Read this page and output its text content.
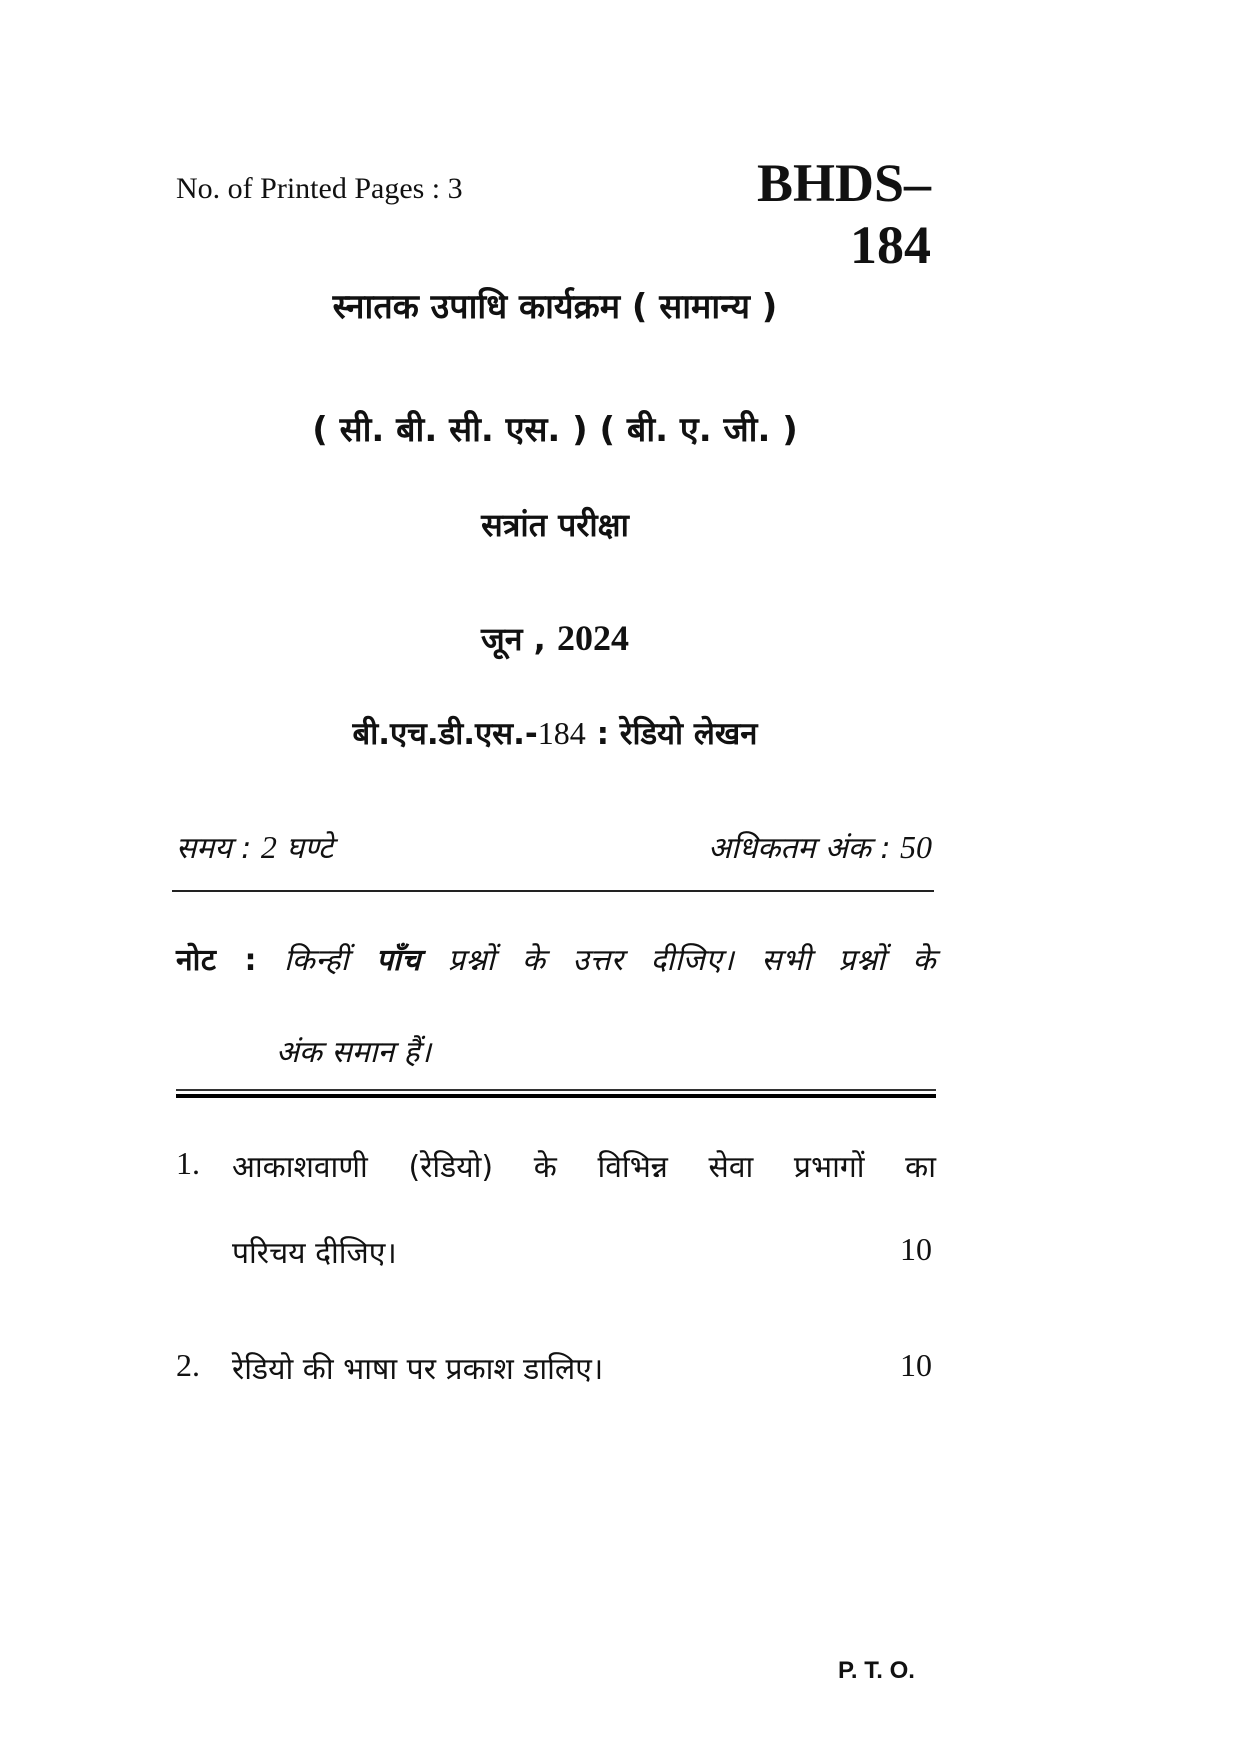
No. of Printed Pages : 3	BHDS–184
स्नातक उपाधि कार्यक्रम ( सामान्य )
( सी. बी. सी. एस. ) ( बी. ए. जी. )
सत्रांत परीक्षा
जून , 2024
बी.एच.डी.एस.-184 : रेडियो लेखन
समय : 2 घण्टे	अधिकतम अंक : 50
नोट : किन्हीं पाँच प्रश्नों के उत्तर दीजिए। सभी प्रश्नों के
अंक समान हैं।
1. आकाशवाणी (रेडियो) के विभिन्न सेवा प्रभागों का
परिचय दीजिए।	10
2. रेडियो की भाषा पर प्रकाश डालिए।	10
P. T. O.
